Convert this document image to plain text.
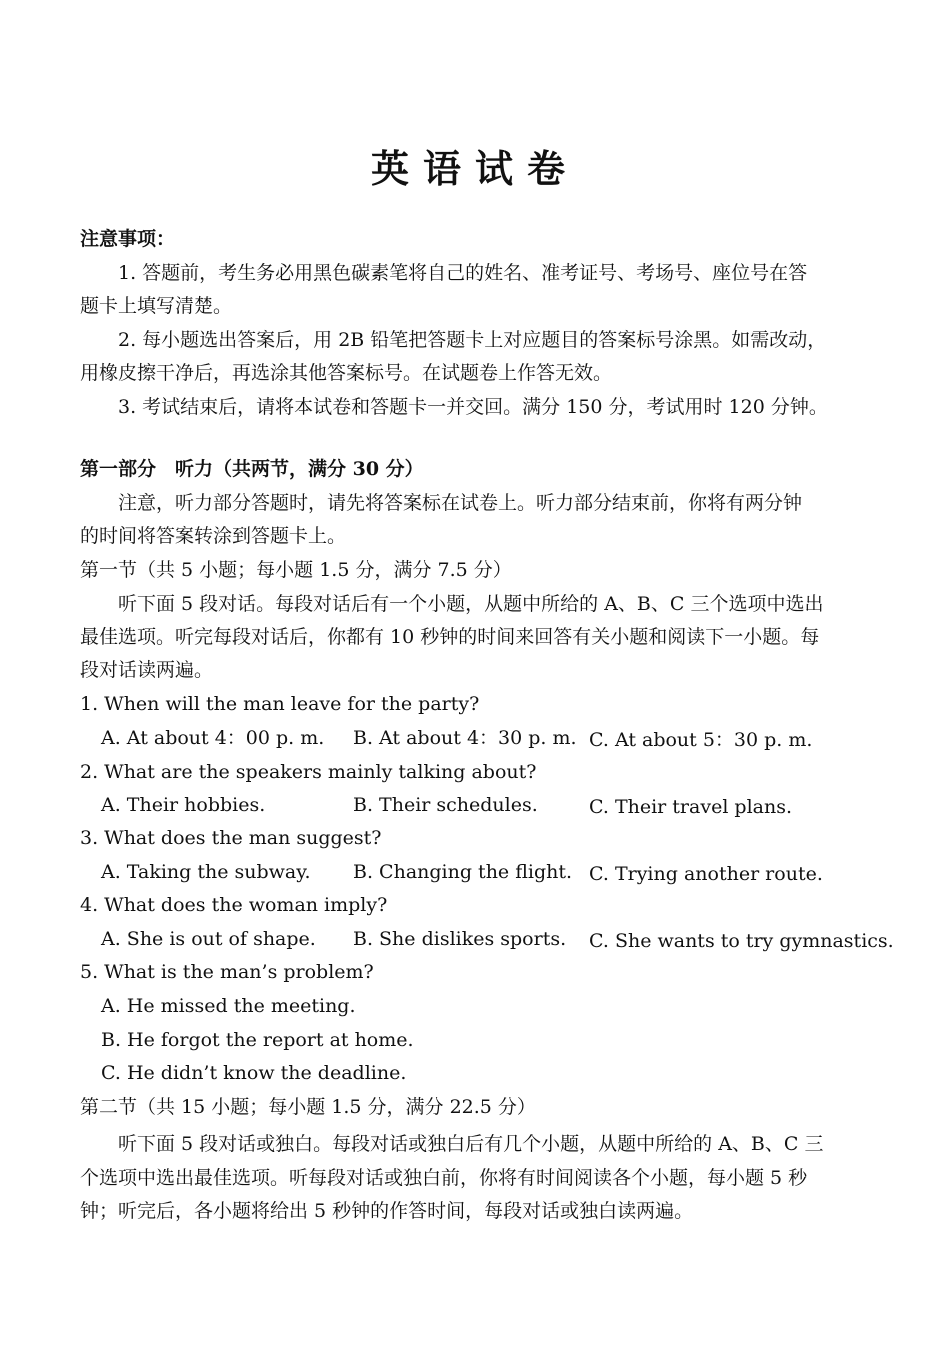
英语试卷
注意事项：
1. 答题前，考生务必用黑色碳素笔将自己的姓名、准考证号、考场号、座位号在答
题卡上填写清楚。
2. 每小题选出答案后，用 2B 铅笔把答题卡上对应题目的答案标号涂黑。如需改动，
用橡皮擦干净后，再选涂其他答案标号。在试题卷上作答无效。
3. 考试结束后，请将本试卷和答题卡一并交回。满分 150 分，考试用时 120 分钟。
第一部分　听力（共两节，满分 30 分）
注意，听力部分答题时，请先将答案标在试卷上。听力部分结束前，你将有两分钟
的时间将答案转涂到答题卡上。
第一节（共 5 小题；每小题 1.5 分，满分 7.5 分）
听下面 5 段对话。每段对话后有一个小题，从题中所给的 A、B、C 三个选项中选出
最佳选项。听完每段对话后，你都有 10 秒钟的时间来回答有关小题和阅读下一小题。每
段对话读两遍。
1. When will the man leave for the party?
A. At about 4：00 p. m. B. At about 4：30 p. m. C. At about 5：30 p. m.
2. What are the speakers mainly talking about?
A. Their hobbies.	B. Their schedules.	C. Their travel plans.
3. What does the man suggest?
A. Taking the subway. B. Changing the flight. C. Trying another route.
4. What does the woman imply?
A. She is out of shape. B. She dislikes sports. C. She wants to try gymnastics.
5. What is the man’s problem?
A. He missed the meeting.
B. He forgot the report at home.
C. He didn’t know the deadline.
第二节（共 15 小题；每小题 1.5 分，满分 22.5 分）
听下面 5 段对话或独白。每段对话或独白后有几个小题，从题中所给的 A、B、C 三
个选项中选出最佳选项。听每段对话或独白前，你将有时间阅读各个小题，每小题 5 秒
钟；听完后，各小题将给出 5 秒钟的作答时间，每段对话或独白读两遍。
